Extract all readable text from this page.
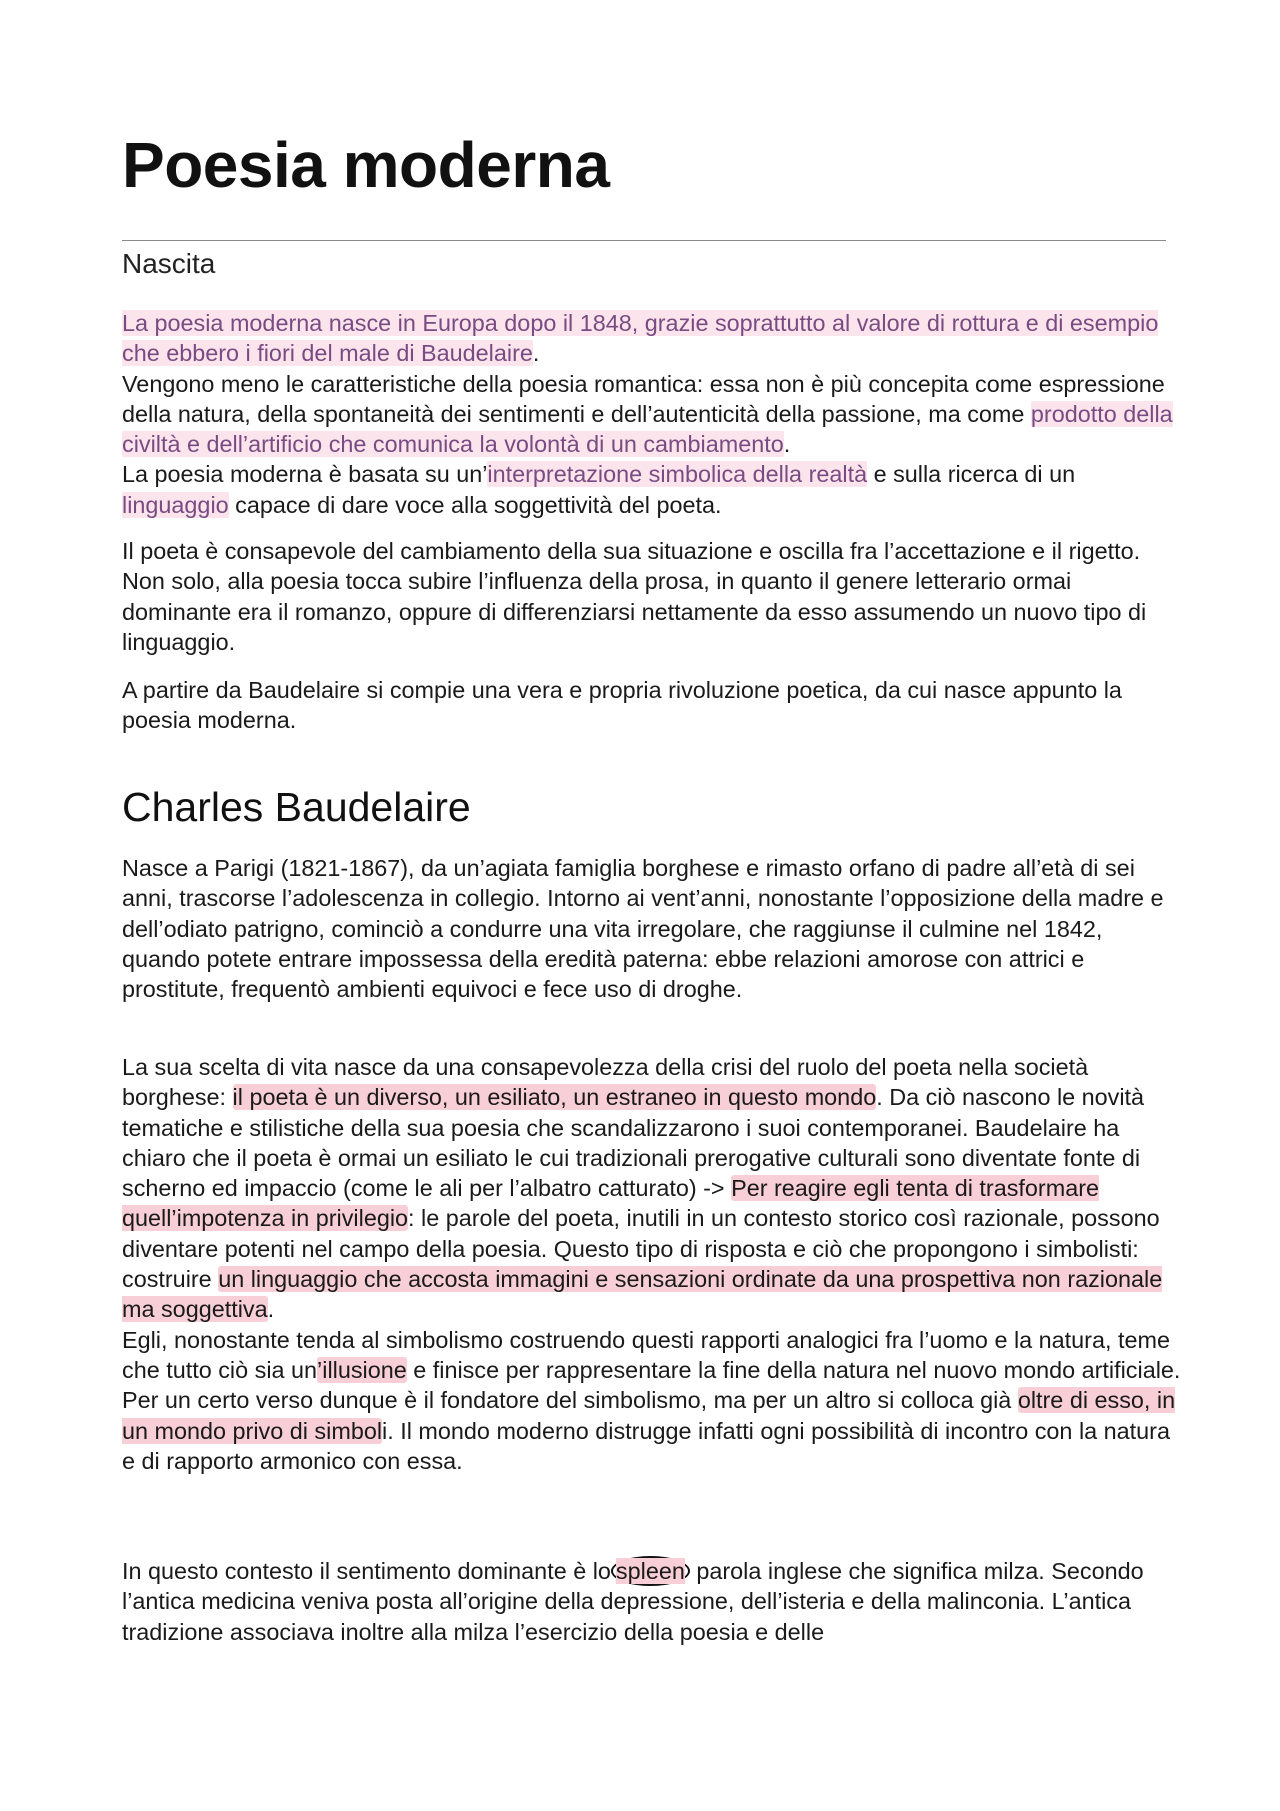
Poesia moderna
Nascita

La poesia moderna nasce in Europa dopo il 1848, grazie soprattutto al valore di rottura e di esempio che ebbero i fiori del male di Baudelaire.
Vengono meno le caratteristiche della poesia romantica: essa non è più concepita come espressione della natura, della spontaneità dei sentimenti e dell’autenticità della passione, ma come prodotto della civiltà e dell’artificio che comunica la volontà di un cambiamento.
La poesia moderna è basata su un’interpretazione simbolica della realtà e sulla ricerca di un linguaggio capace di dare voce alla soggettività del poeta.

Il poeta è consapevole del cambiamento della sua situazione e oscilla fra l’accettazione e il rigetto. Non solo, alla poesia tocca subire l’influenza della prosa, in quanto il genere letterario ormai dominante era il romanzo, oppure di differenziarsi nettamente da esso assumendo un nuovo tipo di linguaggio.

A partire da Baudelaire si compie una vera e propria rivoluzione poetica, da cui nasce appunto la poesia moderna.

Charles Baudelaire

Nasce a Parigi (1821-1867), da un’agiata famiglia borghese e rimasto orfano di padre all’età di sei anni, trascorse l’adolescenza in collegio. Intorno ai vent’anni, nonostante l’opposizione della madre e dell’odiato patrigno, cominciò a condurre una vita irregolare, che raggiunse il culmine nel 1842, quando potete entrare impossessa della eredità paterna: ebbe relazioni amorose con attrici e prostitute, frequentò ambienti equivoci e fece uso di droghe.

La sua scelta di vita nasce da una consapevolezza della crisi del ruolo del poeta nella società borghese: il poeta è un diverso, un esiliato, un estraneo in questo mondo. Da ciò nascono le novità tematiche e stilistiche della sua poesia che scandalizzarono i suoi contemporanei. Baudelaire ha chiaro che il poeta è ormai un esiliato le cui tradizionali prerogative culturali sono diventate fonte di scherno ed impaccio (come le ali per l’albatro catturato) -> Per reagire egli tenta di trasformare quell’impotenza in privilegio: le parole del poeta, inutili in un contesto storico così razionale, possono diventare potenti nel campo della poesia. Questo tipo di risposta e ciò che propongono i simbolisti: costruire un linguaggio che accosta immagini e sensazioni ordinate da una prospettiva non razionale ma soggettiva.
Egli, nonostante tenda al simbolismo costruendo questi rapporti analogici fra l’uomo e la natura, teme che tutto ciò sia un’illusione e finisce per rappresentare la fine della natura nel nuovo mondo artificiale.
Per un certo verso dunque è il fondatore del simbolismo, ma per un altro si colloca già oltre di esso, in un mondo privo di simboli. Il mondo moderno distrugge infatti ogni possibilità di incontro con la natura e di rapporto armonico con essa.

In questo contesto il sentimento dominante è lo spleen parola inglese che significa milza. Secondo l’antica medicina veniva posta all’origine della depressione, dell’isteria e della malinconia. L’antica tradizione associava inoltre alla milza l’esercizio della poesia e delle
